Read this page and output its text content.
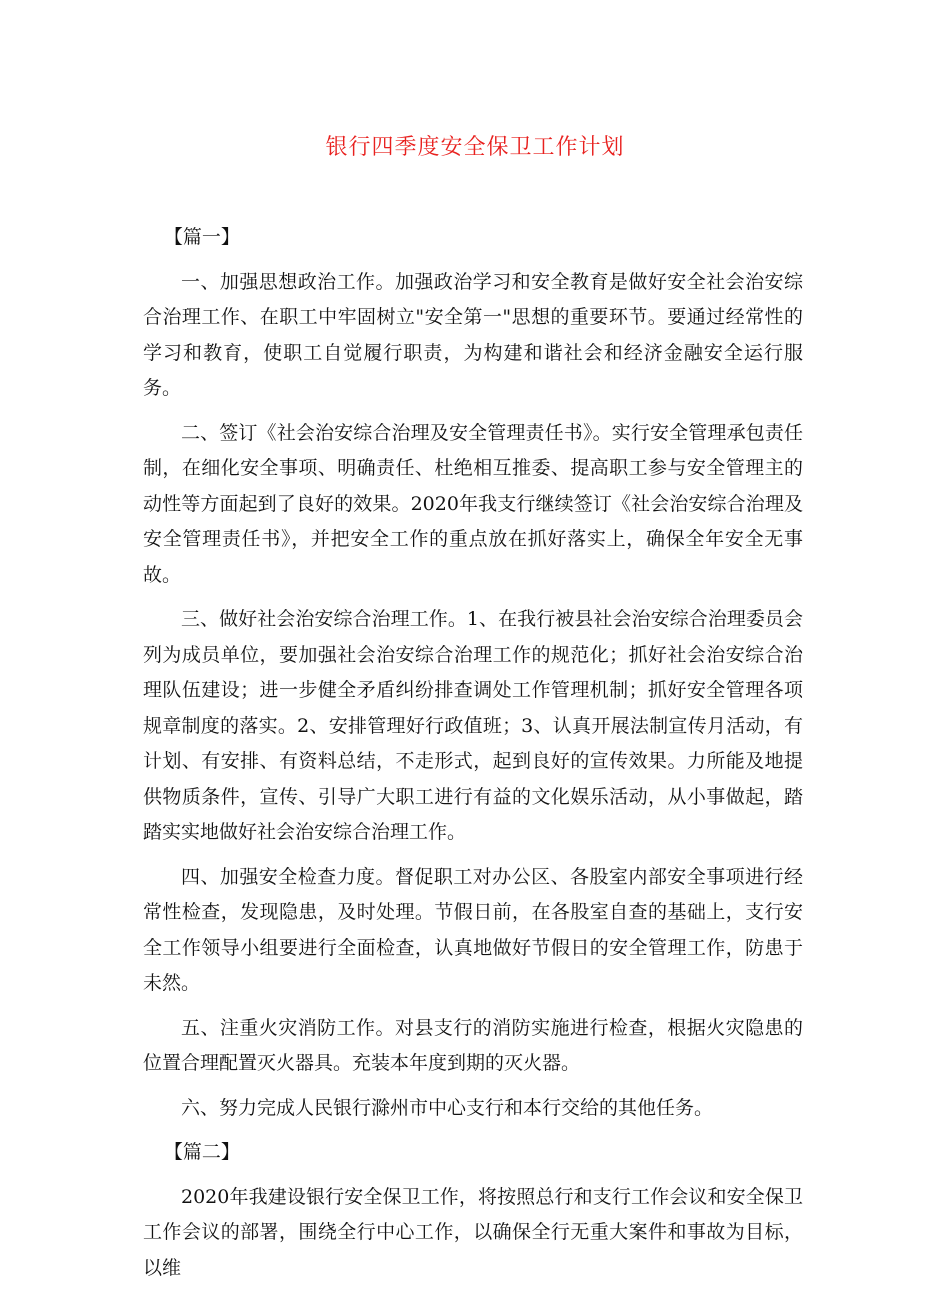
银行四季度安全保卫工作计划

【篇一】

一、加强思想政治工作。加强政治学习和安全教育是做好安全社会治安综合治理工作、在职工中牢固树立"安全第一"思想的重要环节。要通过经常性的学习和教育，使职工自觉履行职责，为构建和谐社会和经济金融安全运行服务。

二、签订《社会治安综合治理及安全管理责任书》。实行安全管理承包责任制，在细化安全事项、明确责任、杜绝相互推委、提高职工参与安全管理主的动性等方面起到了良好的效果。2020年我支行继续签订《社会治安综合治理及安全管理责任书》，并把安全工作的重点放在抓好落实上，确保全年安全无事故。

三、做好社会治安综合治理工作。1、在我行被县社会治安综合治理委员会列为成员单位，要加强社会治安综合治理工作的规范化；抓好社会治安综合治理队伍建设；进一步健全矛盾纠纷排查调处工作管理机制；抓好安全管理各项规章制度的落实。2、安排管理好行政值班；3、认真开展法制宣传月活动，有计划、有安排、有资料总结，不走形式，起到良好的宣传效果。力所能及地提供物质条件，宣传、引导广大职工进行有益的文化娱乐活动，从小事做起，踏踏实实地做好社会治安综合治理工作。

四、加强安全检查力度。督促职工对办公区、各股室内部安全事项进行经常性检查，发现隐患，及时处理。节假日前，在各股室自查的基础上，支行安全工作领导小组要进行全面检查，认真地做好节假日的安全管理工作，防患于未然。

五、注重火灾消防工作。对县支行的消防实施进行检查，根据火灾隐患的位置合理配置灭火器具。充装本年度到期的灭火器。

六、努力完成人民银行滁州市中心支行和本行交给的其他任务。

【篇二】

2020年我建设银行安全保卫工作，将按照总行和支行工作会议和安全保卫工作会议的部署，围绕全行中心工作，以确保全行无重大案件和事故为目标，以维
